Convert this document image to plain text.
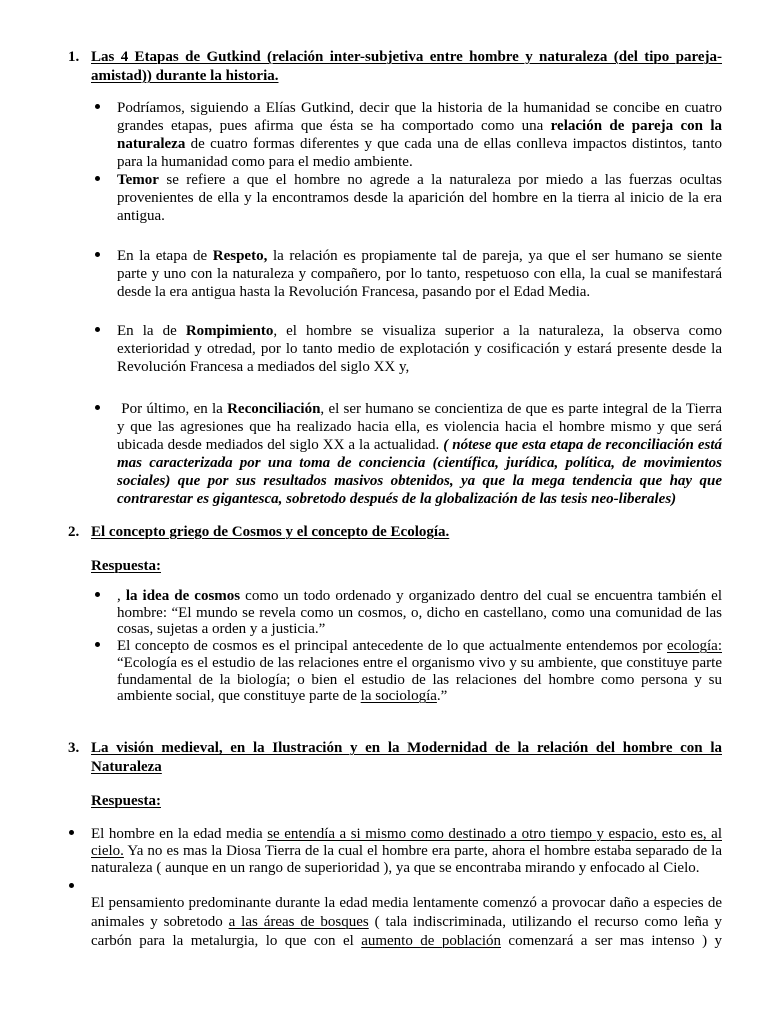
1. Las 4 Etapas de Gutkind (relación inter-subjetiva entre hombre y naturaleza (del tipo pareja-amistad)) durante la historia.

Podríamos, siguiendo a Elías Gutkind, decir que la historia de la humanidad se concibe en cuatro grandes etapas, pues afirma que ésta se ha comportado como una relación de pareja con la naturaleza de cuatro formas diferentes y que cada una de ellas conlleva impactos distintos, tanto para la humanidad como para el medio ambiente.

Temor se refiere a que el hombre no agrede a la naturaleza por miedo a las fuerzas ocultas provenientes de ella y la encontramos desde la aparición del hombre en la tierra al inicio de la era antigua.

En la etapa de Respeto, la relación es propiamente tal de pareja, ya que el ser humano se siente parte y uno con la naturaleza y compañero, por lo tanto, respetuoso con ella, la cual se manifestará desde la era antigua hasta la Revolución Francesa, pasando por el Edad Media.

En la de Rompimiento, el hombre se visualiza superior a la naturaleza, la observa como exterioridad y otredad, por lo tanto medio de explotación y cosificación y estará presente desde la Revolución Francesa a mediados del siglo XX y,

Por último, en la Reconciliación, el ser humano se concientiza de que es parte integral de la Tierra y que las agresiones que ha realizado hacia ella, es violencia hacia el hombre mismo y que será ubicada desde mediados del siglo XX a la actualidad. ( nótese que esta etapa de reconciliación está mas caracterizada por una toma de conciencia (científica, jurídica, política, de movimientos sociales) que por sus resultados masivos obtenidos, ya que la mega tendencia que hay que contrarestar es gigantesca, sobretodo después de la globalización de las tesis neo-liberales)

2. El concepto griego de Cosmos y el concepto de Ecología.
Respuesta:

, la idea de cosmos como un todo ordenado y organizado dentro del cual se encuentra también el hombre: “El mundo se revela como un cosmos, o, dicho en castellano, como una comunidad de las cosas, sujetas a orden y a justicia.”

El concepto de cosmos es el principal antecedente de lo que actualmente entendemos por ecología: “Ecología es el estudio de las relaciones entre el organismo vivo y su ambiente, que constituye parte fundamental de la biología; o bien el estudio de las relaciones del hombre como persona y su ambiente social, que constituye parte de la sociología.”

3. La visión medieval, en la Ilustración y en la Modernidad de la relación del hombre con la Naturaleza
Respuesta:

El hombre en la edad media se entendía a si mismo como destinado a otro tiempo y espacio, esto es, al cielo. Ya no es mas la Diosa Tierra de la cual el hombre era parte, ahora el hombre estaba separado de la naturaleza ( aunque en un rango de superioridad ), ya que se encontraba mirando y enfocado al Cielo.

El pensamiento predominante durante la edad media lentamente comenzó a provocar daño a especies de animales y sobretodo a las áreas de bosques ( tala indiscriminada, utilizando el recurso como leña y carbón para la metalurgia, lo que con el aumento de población comenzará a ser mas intenso ) y
